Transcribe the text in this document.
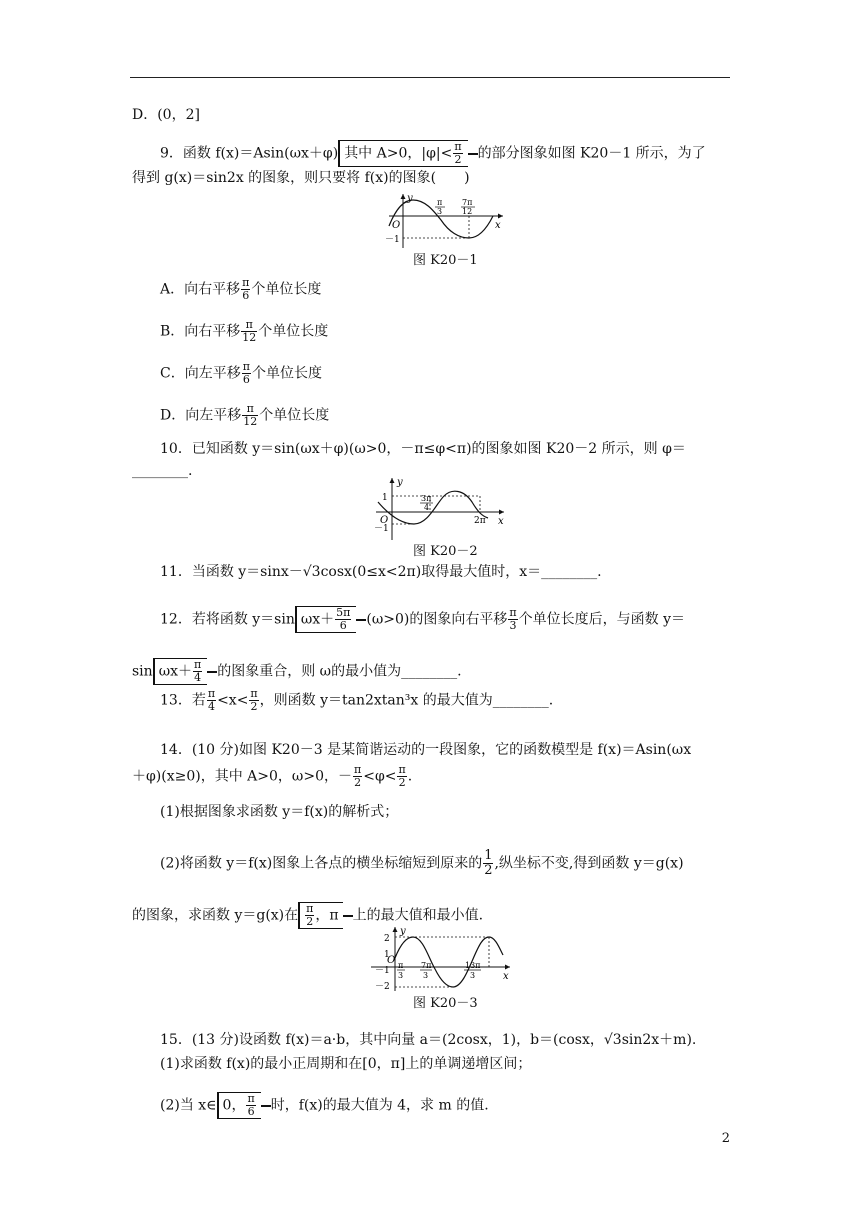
D．(0，2]
9．函数 f(x)＝Asin(ωx＋φ) 其中 A>0，$|\varphi|< \frac{\pi}{2}$ 的部分图象如图 K20－1 所示，为了
得到 g(x)＝sin2x 的图象，则只要将 f(x)的图象(　　)
y
x
O
－1
π
3
7π
12
图 K20－1
A．向右平移 $\frac{\pi}{6}$ 个单位长度
B．向右平移 $\frac{\pi}{12}$ 个单位长度
C．向左平移 $\frac{\pi}{6}$ 个单位长度
D．向左平移 $\frac{\pi}{12}$ 个单位长度
10．已知函数 y＝sin(ωx＋φ)(ω>0，－π≤φ<π)的图象如图 K20－2 所示，则 φ＝
________.
y
x
O
1
－1
3π
4
2π
图 K20－2
11．当函数 y＝sinx－√3cosx(0≤x<2π)取得最大值时，x＝________.
12．若将函数 y＝sin $\omega x+ \frac{5\pi}{6} (\omega>0)$的图象向右平移 $\frac{\pi}{3}$ 个单位长度后，与函数 y＝
$\sin \omega x+ \frac{\pi}{4}$ 的图象重合，则 ω的最小值为________.
13．若 $\frac{\pi}{4} <x< \frac{\pi}{2}$ ，则函数 y＝tan2xtan³x 的最大值为________.
14．(10 分)如图 K20－3 是某简谐运动的一段图象，它的函数模型是 f(x)＝Asin(ωx
＋φ)(x≥0)，其中 A>0，ω>0，－ $\frac{\pi}{2} <\varphi< \frac{\pi}{2}$ .
(1)根据图象求函数 y＝f(x)的解析式；
(2)将函数 y＝f(x)图象上各点的横坐标缩短到原来的 $\frac{1}{2}$ ,纵坐标不变,得到函数 y＝g(x)
的图象，求函数 y＝g(x)在 $\frac{\pi}{2}$ ，π 上的最大值和最小值.
y
x
O
2
1
－1
－2
π
3
7π
3
13π
3
图 K20－3
15．(13 分)设函数 f(x)＝a·b，其中向量 a＝(2cosx，1)，b＝(cosx，√3sin2x＋m).
(1)求函数 f(x)的最小正周期和在[0，π]上的单调递增区间；
(2)当 x∈ 0， $\frac{\pi}{6}$ 时，f(x)的最大值为 4，求 m 的值.
2
